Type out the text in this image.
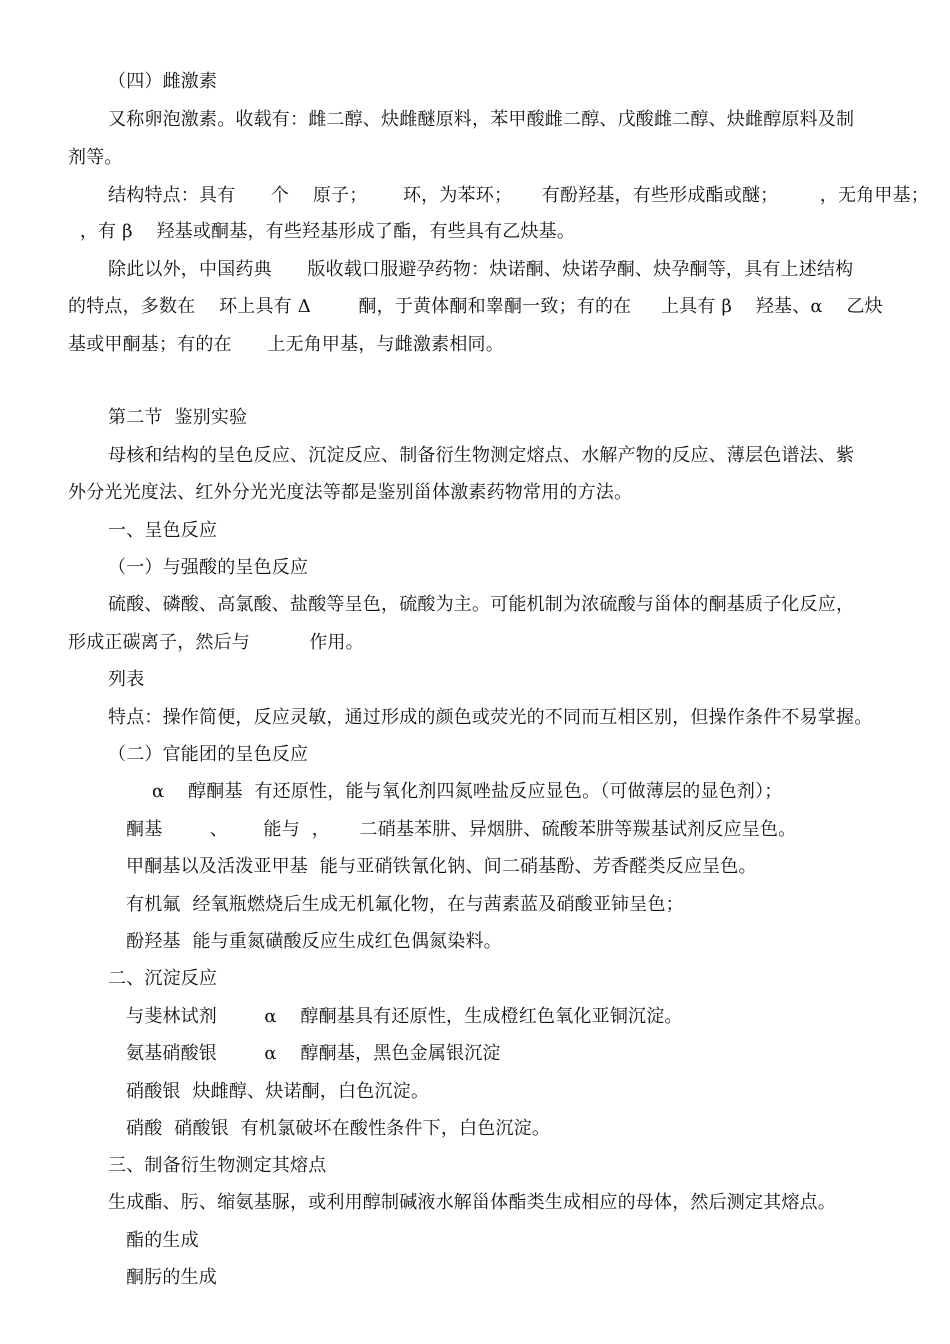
（四）雌激素
又称卵泡激素。收载有：雌二醇、炔雌醚原料，苯甲酸雌二醇、戊酸雌二醇、炔雌醇原料及制
剂等。
结构特点：具有      个    原子；      环，为苯环；     有酚羟基，有些形成酯或醚；       ，无角甲基；
，有 β    羟基或酮基，有些羟基形成了酯，有些具有乙炔基。
除此以外，中国药典      版收载口服避孕药物：炔诺酮、炔诺孕酮、炔孕酮等，具有上述结构
的特点，多数在    环上具有 Δ        酮，于黄体酮和睾酮一致；有的在     上具有 β    羟基、α    乙炔
基或甲酮基；有的在      上无角甲基，与雌激素相同。
第二节  鉴别实验
母核和结构的呈色反应、沉淀反应、制备衍生物测定熔点、水解产物的反应、薄层色谱法、紫
外分光光度法、红外分光光度法等都是鉴别甾体激素药物常用的方法。
一、呈色反应
（一）与强酸的呈色反应
硫酸、磷酸、高氯酸、盐酸等呈色，硫酸为主。可能机制为浓硫酸与甾体的酮基质子化反应，
形成正碳离子，然后与          作用。
列表
特点：操作简便，反应灵敏，通过形成的颜色或荧光的不同而互相区别，但操作条件不易掌握。
（二）官能团的呈色反应
α    醇酮基  有还原性，能与氧化剂四氮唑盐反应显色。（可做薄层的显色剂）；
酮基        、      能与  ，     二硝基苯肼、异烟肼、硫酸苯肼等羰基试剂反应呈色。
甲酮基以及活泼亚甲基  能与亚硝铁氰化钠、间二硝基酚、芳香醛类反应呈色。
有机氟  经氧瓶燃烧后生成无机氟化物，在与茜素蓝及硝酸亚铈呈色；
酚羟基  能与重氮磺酸反应生成红色偶氮染料。
二、沉淀反应
与斐林试剂        α    醇酮基具有还原性，生成橙红色氧化亚铜沉淀。
氨基硝酸银        α    醇酮基，黑色金属银沉淀
硝酸银  炔雌醇、炔诺酮，白色沉淀。
硝酸  硝酸银  有机氯破坏在酸性条件下，白色沉淀。
三、制备衍生物测定其熔点
生成酯、肟、缩氨基脲，或利用醇制碱液水解甾体酯类生成相应的母体，然后测定其熔点。
酯的生成
酮肟的生成
